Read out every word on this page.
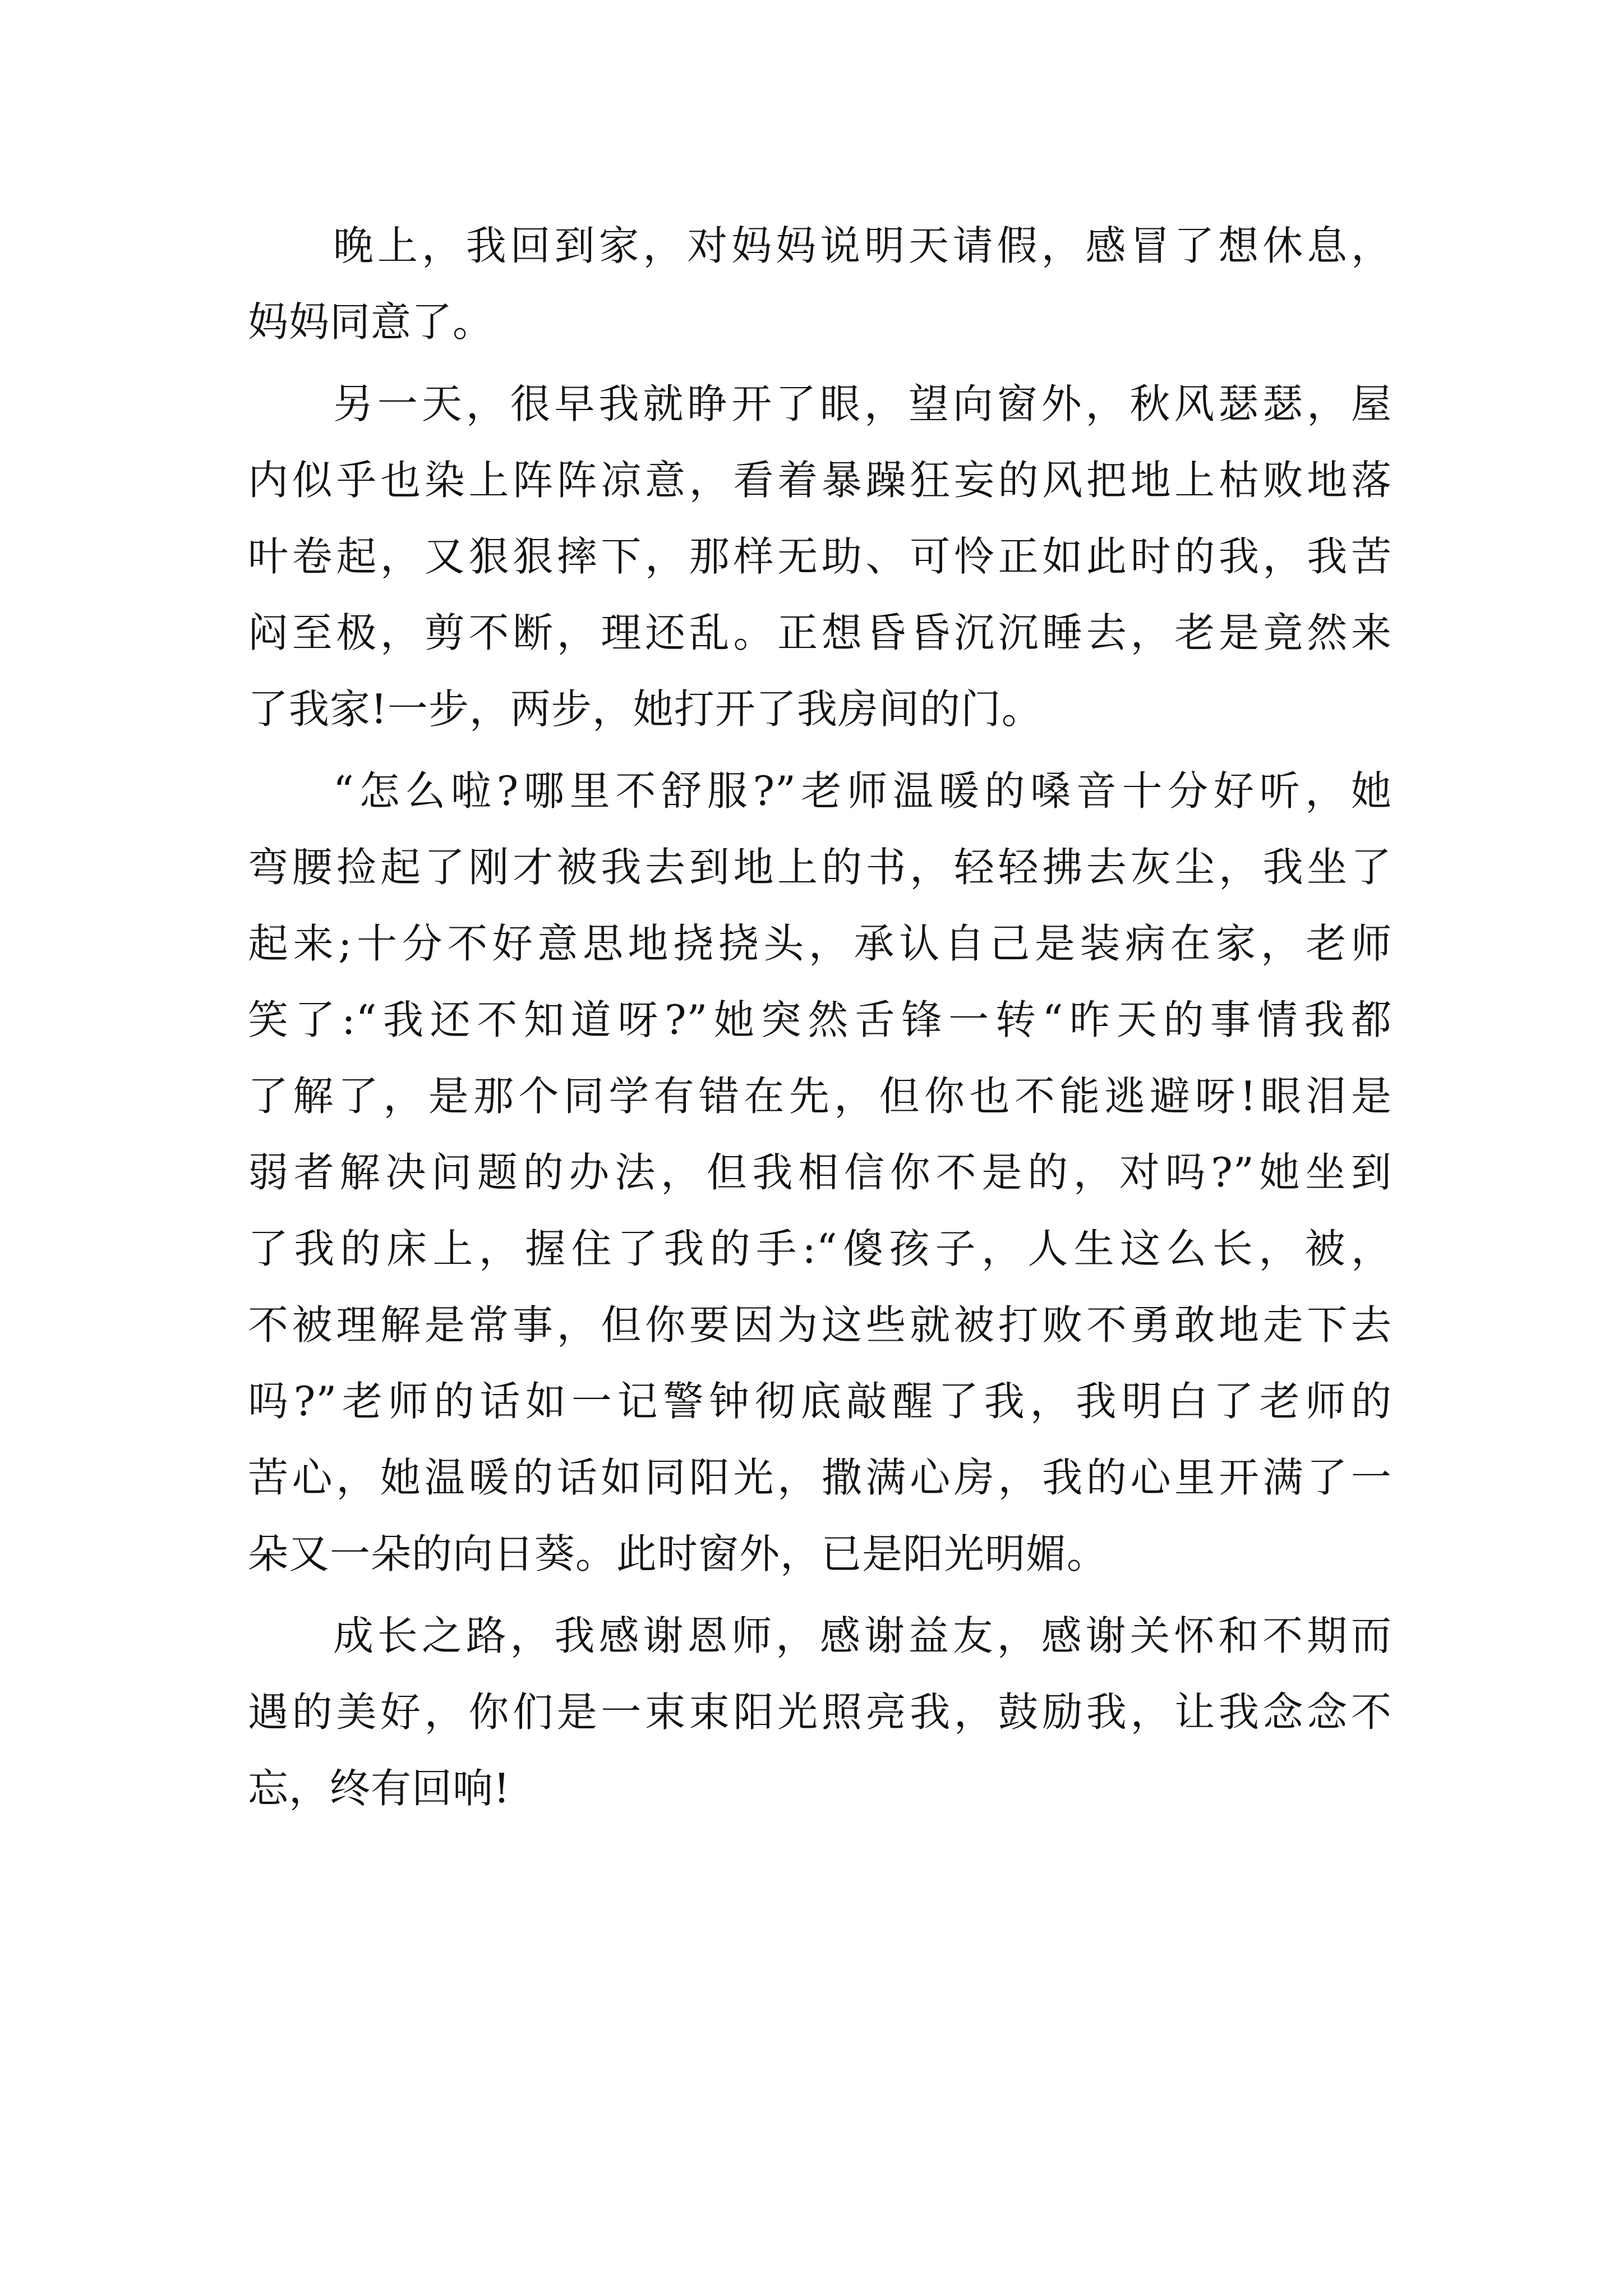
晚上，我回到家，对妈妈说明天请假，感冒了想休息，
妈妈同意了。
另一天，很早我就睁开了眼，望向窗外，秋风瑟瑟，屋
内似乎也染上阵阵凉意，看着暴躁狂妄的风把地上枯败地落
叶卷起，又狠狠摔下，那样无助、可怜正如此时的我，我苦
闷至极，剪不断，理还乱。正想昏昏沉沉睡去，老是竟然来
了我家!一步，两步，她打开了我房间的门。
“怎么啦?哪里不舒服?”老师温暖的嗓音十分好听，她
弯腰捡起了刚才被我去到地上的书，轻轻拂去灰尘，我坐了
起来;十分不好意思地挠挠头，承认自己是装病在家，老师
笑了:“我还不知道呀?”她突然舌锋一转“昨天的事情我都
了解了，是那个同学有错在先，但你也不能逃避呀!眼泪是
弱者解决问题的办法，但我相信你不是的，对吗?”她坐到
了我的床上，握住了我的手:“傻孩子，人生这么长，被，
不被理解是常事，但你要因为这些就被打败不勇敢地走下去
吗?”老师的话如一记警钟彻底敲醒了我，我明白了老师的
苦心，她温暖的话如同阳光，撒满心房，我的心里开满了一
朵又一朵的向日葵。此时窗外，已是阳光明媚。
成长之路，我感谢恩师，感谢益友，感谢关怀和不期而
遇的美好，你们是一束束阳光照亮我，鼓励我，让我念念不
忘，终有回响!
